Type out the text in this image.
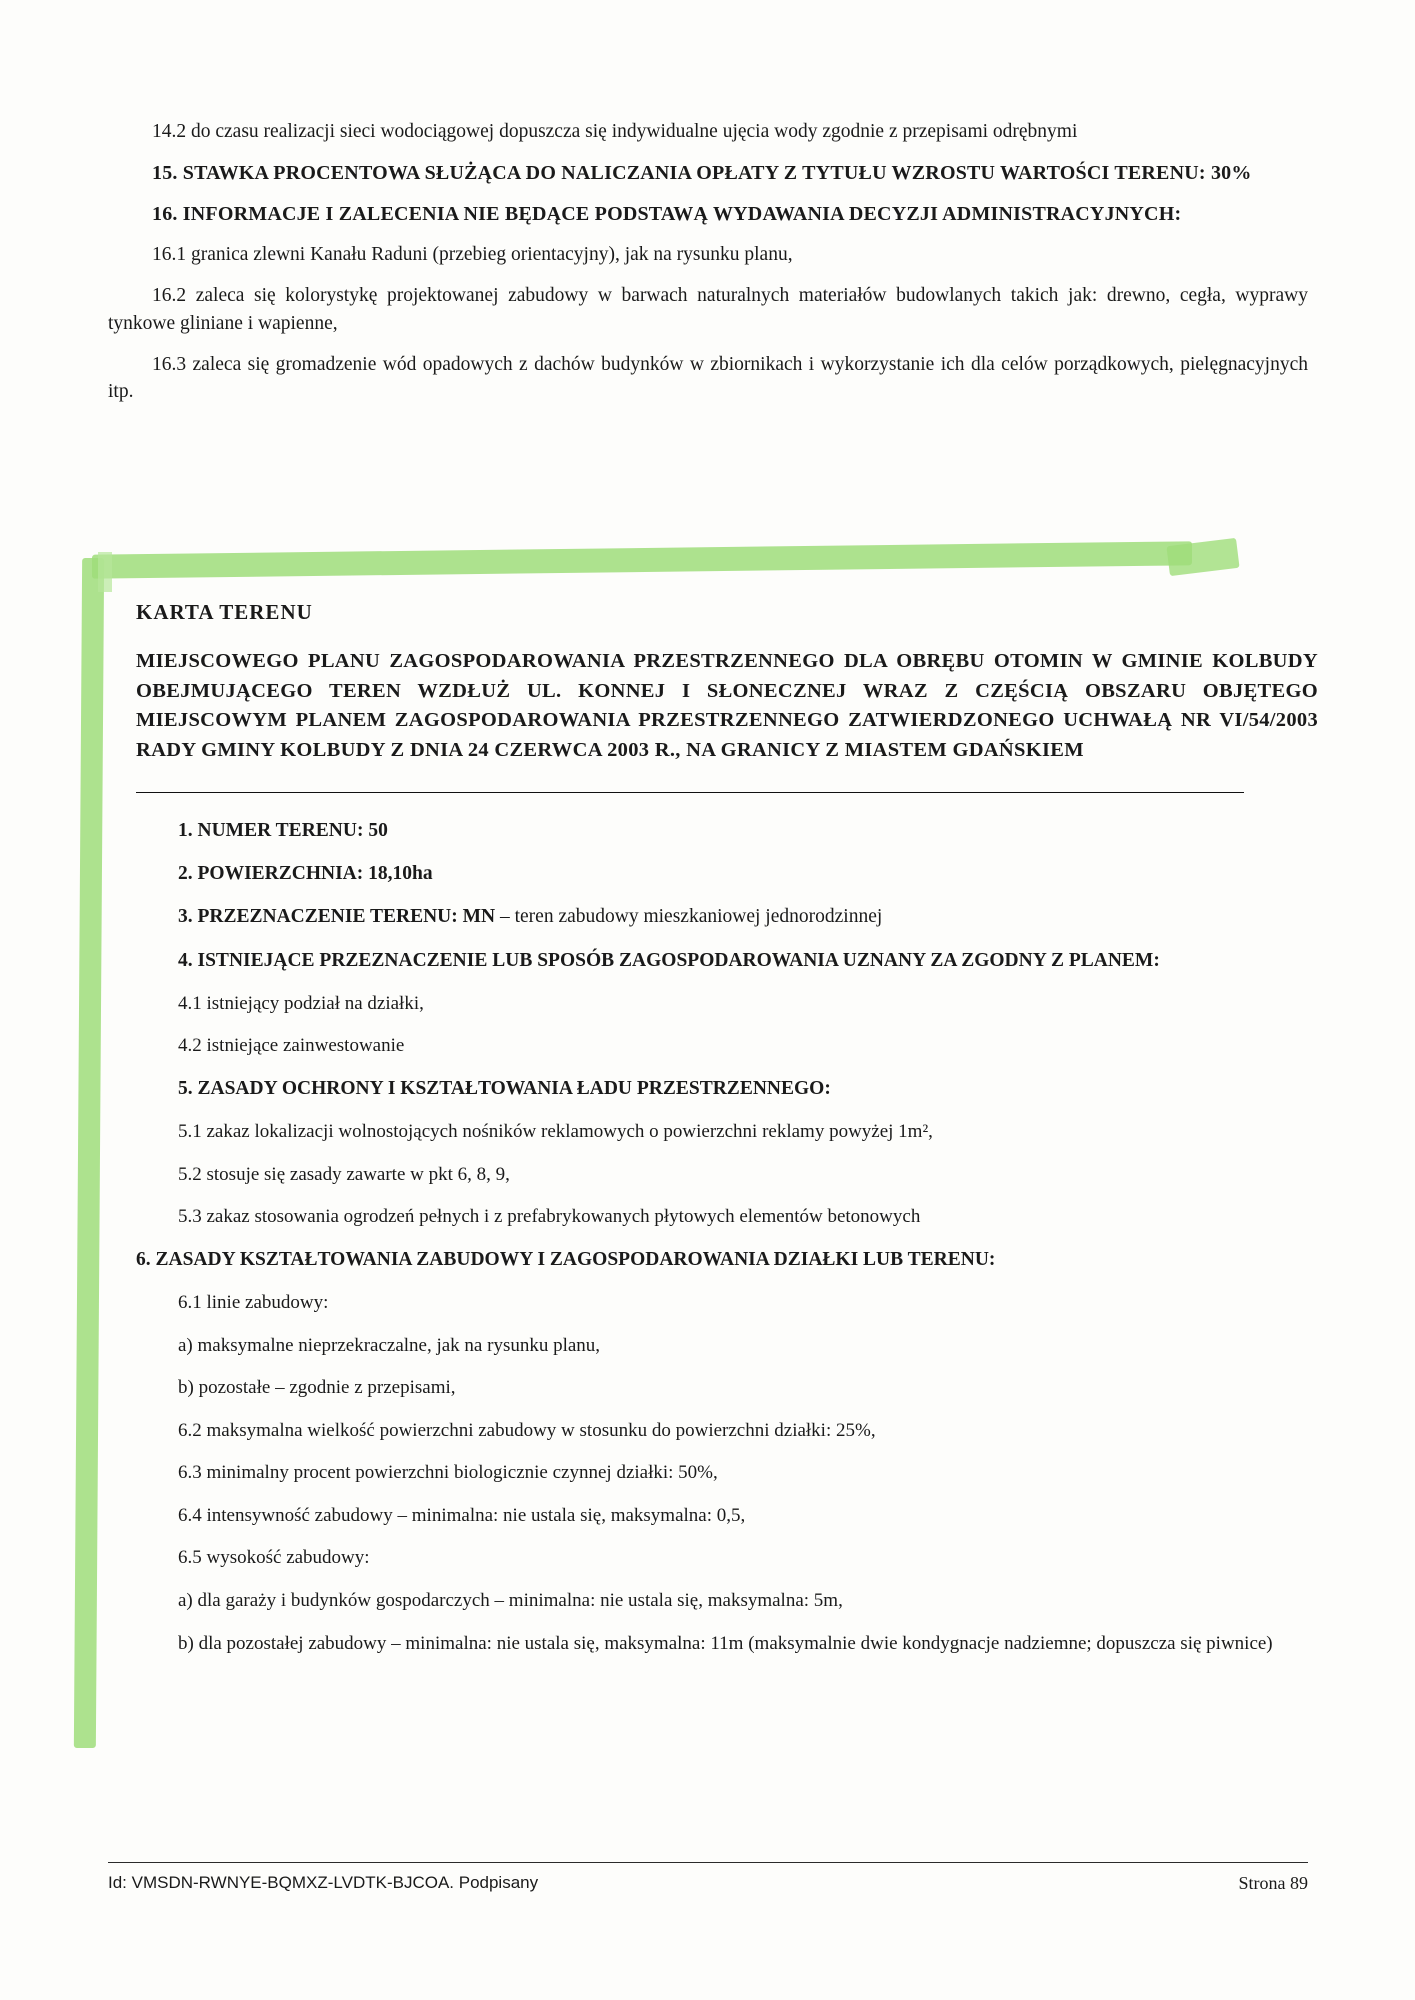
14.2 do czasu realizacji sieci wodociągowej dopuszcza się indywidualne ujęcia wody zgodnie z przepisami odrębnymi

15. STAWKA PROCENTOWA SŁUŻĄCA DO NALICZANIA OPŁATY Z TYTUŁU WZROSTU WARTOŚCI TERENU: 30%

16. INFORMACJE I ZALECENIA NIE BĘDĄCE PODSTAWĄ WYDAWANIA DECYZJI ADMINISTRACYJNYCH:

16.1 granica zlewni Kanału Raduni (przebieg orientacyjny), jak na rysunku planu,

16.2 zaleca się kolorystykę projektowanej zabudowy w barwach naturalnych materiałów budowlanych takich jak: drewno, cegła, wyprawy tynkowe gliniane i wapienne,

16.3 zaleca się gromadzenie wód opadowych z dachów budynków w zbiornikach i wykorzystanie ich dla celów porządkowych, pielęgnacyjnych itp.

KARTA TERENU

MIEJSCOWEGO PLANU ZAGOSPODAROWANIA PRZESTRZENNEGO DLA OBRĘBU OTOMIN W GMINIE KOLBUDY OBEJMUJĄCEGO TEREN WZDŁUŻ UL. KONNEJ I SŁONECZNEJ WRAZ Z CZĘŚCIĄ OBSZARU OBJĘTEGO MIEJSCOWYM PLANEM ZAGOSPODAROWANIA PRZESTRZENNEGO ZATWIERDZONEGO UCHWAŁĄ NR VI/54/2003 RADY GMINY KOLBUDY Z DNIA 24 CZERWCA 2003 R., NA GRANICY Z MIASTEM GDAŃSKIEM

1. NUMER TERENU: 50

2. POWIERZCHNIA: 18,10ha

3. PRZEZNACZENIE TERENU: MN – teren zabudowy mieszkaniowej jednorodzinnej

4. ISTNIEJĄCE PRZEZNACZENIE LUB SPOSÓB ZAGOSPODAROWANIA UZNANY ZA ZGODNY Z PLANEM:

4.1 istniejący podział na działki,

4.2 istniejące zainwestowanie

5. ZASADY OCHRONY I KSZTAŁTOWANIA ŁADU PRZESTRZENNEGO:

5.1 zakaz lokalizacji wolnostojących nośników reklamowych o powierzchni reklamy powyżej 1m²,

5.2 stosuje się zasady zawarte w pkt 6, 8, 9,

5.3 zakaz stosowania ogrodzeń pełnych i z prefabrykowanych płytowych elementów betonowych

6. ZASADY KSZTAŁTOWANIA ZABUDOWY I ZAGOSPODAROWANIA DZIAŁKI LUB TERENU:

6.1 linie zabudowy:

a) maksymalne nieprzekraczalne, jak na rysunku planu,

b) pozostałe – zgodnie z przepisami,

6.2 maksymalna wielkość powierzchni zabudowy w stosunku do powierzchni działki: 25%,

6.3 minimalny procent powierzchni biologicznie czynnej działki: 50%,

6.4 intensywność zabudowy – minimalna: nie ustala się, maksymalna: 0,5,

6.5 wysokość zabudowy:

a) dla garaży i budynków gospodarczych – minimalna: nie ustala się, maksymalna: 5m,

b) dla pozostałej zabudowy – minimalna: nie ustala się, maksymalna: 11m (maksymalnie dwie kondygnacje nadziemne; dopuszcza się piwnice)

Id: VMSDN-RWNYE-BQMXZ-LVDTK-BJCOA. Podpisany	Strona 89
